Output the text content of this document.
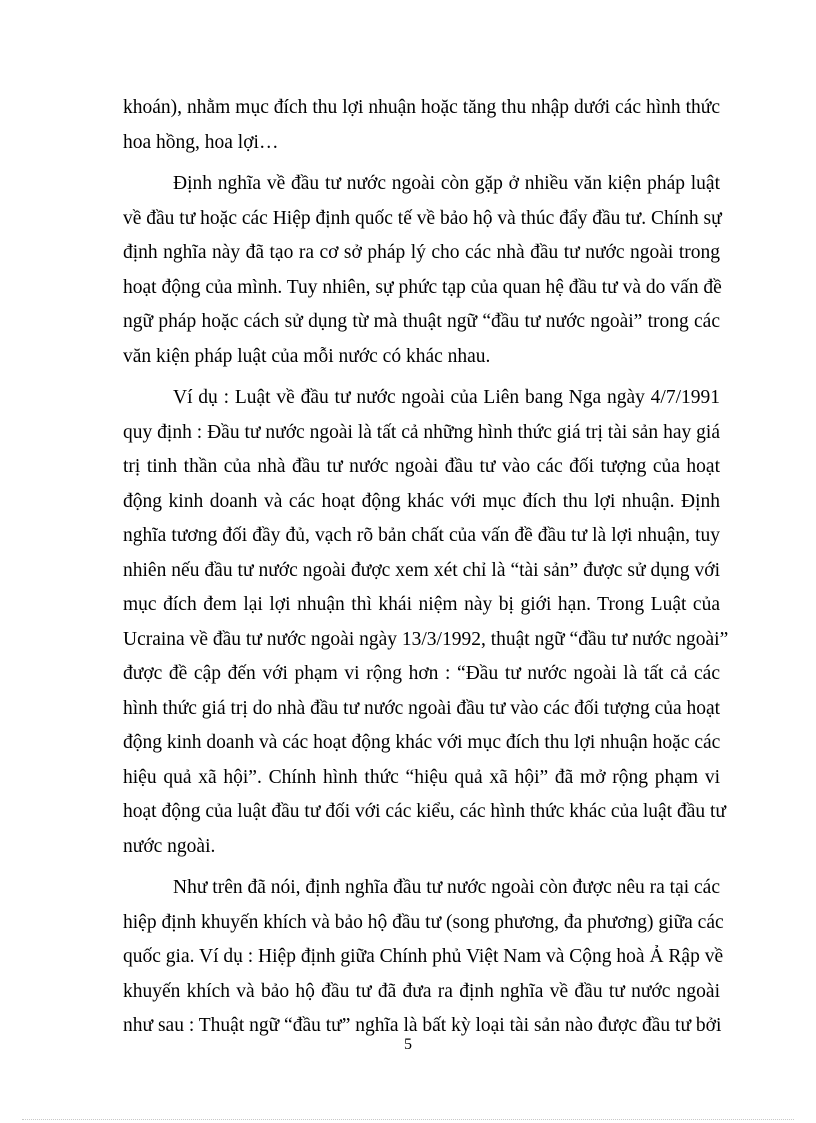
khoán), nhằm mục đích thu lợi nhuận hoặc tăng thu nhập dưới các hình thức
hoa hồng, hoa lợi…
Định nghĩa về đầu tư nước ngoài còn gặp ở nhiều văn kiện pháp luật
về đầu tư hoặc các Hiệp định quốc tế về bảo hộ và thúc đẩy đầu tư. Chính sự
định nghĩa này đã tạo ra cơ sở pháp lý cho các nhà đầu tư nước ngoài trong
hoạt động của mình. Tuy nhiên, sự phức tạp của quan hệ đầu tư và do vấn đề
ngữ pháp hoặc cách sử dụng từ mà thuật ngữ “đầu tư nước ngoài” trong các
văn kiện pháp luật của mỗi nước có khác nhau.
Ví dụ : Luật về đầu tư nước ngoài của Liên bang Nga ngày 4/7/1991
quy định : Đầu tư nước ngoài là tất cả những hình thức giá trị tài sản hay giá
trị tinh thần của nhà đầu tư nước ngoài đầu tư vào các đối tượng của hoạt
động kinh doanh và các hoạt động khác với mục đích thu lợi nhuận. Định
nghĩa tương đối đầy đủ, vạch rõ bản chất của vấn đề đầu tư là lợi nhuận, tuy
nhiên nếu đầu tư nước ngoài được xem xét chỉ là “tài sản” được sử dụng với
mục đích đem lại lợi nhuận thì khái niệm này bị giới hạn. Trong Luật của
Ucraina về đầu tư nước ngoài ngày 13/3/1992, thuật ngữ “đầu tư nước ngoài”
được đề cập đến với phạm vi rộng hơn : “Đầu tư nước ngoài là tất cả các
hình thức giá trị do nhà đầu tư nước ngoài đầu tư vào các đối tượng của hoạt
động kinh doanh và các hoạt động khác với mục đích thu lợi nhuận hoặc các
hiệu quả xã hội”. Chính hình thức “hiệu quả xã hội” đã mở rộng phạm vi
hoạt động của luật đầu tư đối với các kiểu, các hình thức khác của luật đầu tư
nước ngoài.
Như trên đã nói, định nghĩa đầu tư nước ngoài còn được nêu ra tại các
hiệp định khuyến khích và bảo hộ đầu tư (song phương, đa phương) giữa các
quốc gia. Ví dụ : Hiệp định giữa Chính phủ Việt Nam và Cộng hoà Ả Rập về
khuyến khích và bảo hộ đầu tư đã đưa ra định nghĩa về đầu tư nước ngoài
như sau : Thuật ngữ “đầu tư” nghĩa là bất kỳ loại tài sản nào được đầu tư bởi
5
